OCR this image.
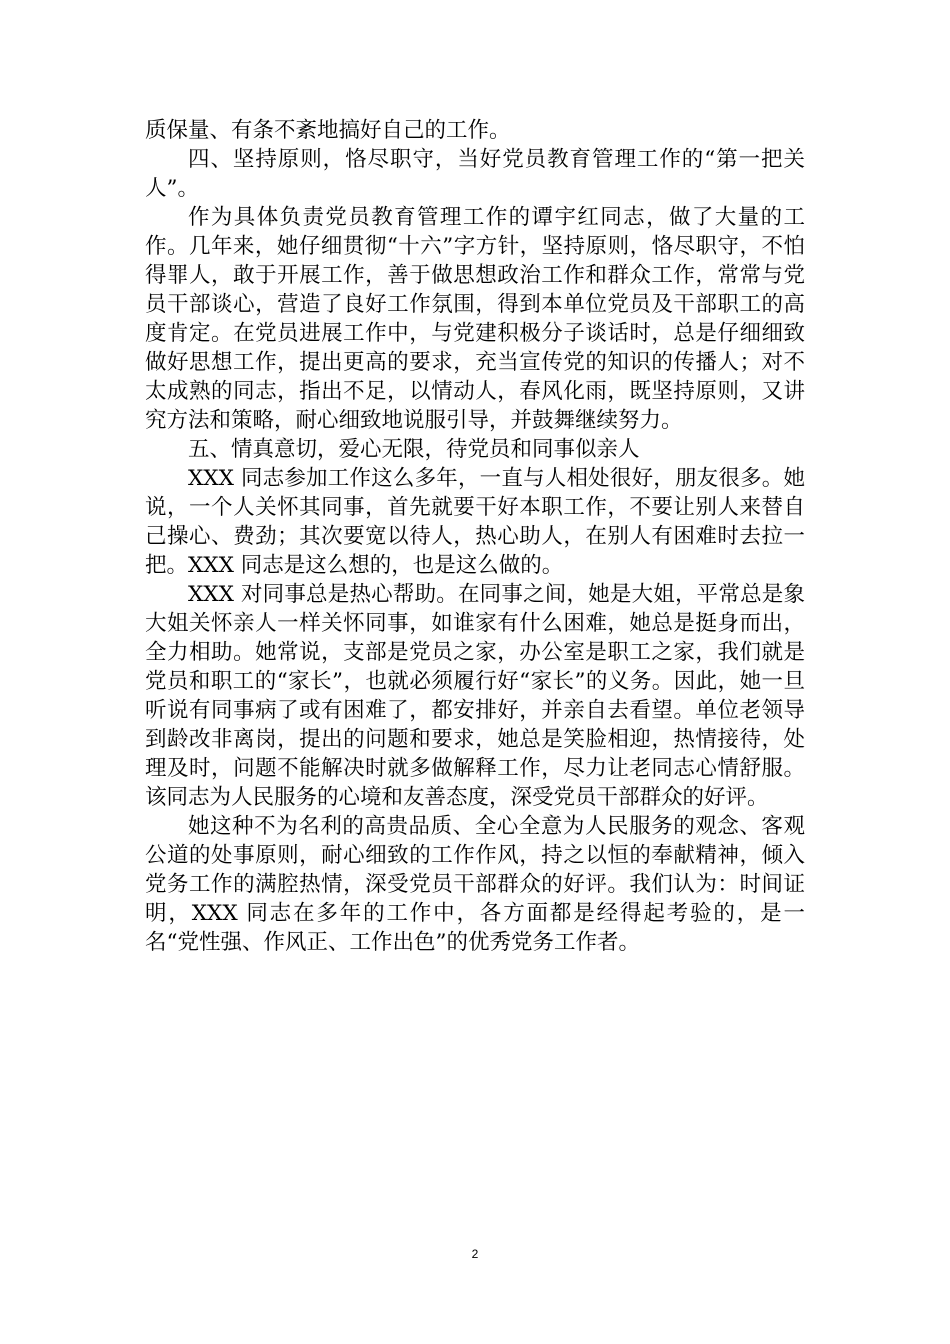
质保量、有条不紊地搞好自己的工作。

四、坚持原则，恪尽职守，当好党员教育管理工作的“第一把关人”。

作为具体负责党员教育管理工作的谭宇红同志，做了大量的工作。几年来，她仔细贯彻“十六”字方针，坚持原则，恪尽职守，不怕得罪人，敢于开展工作，善于做思想政治工作和群众工作，常常与党员干部谈心，营造了良好工作氛围，得到本单位党员及干部职工的高度肯定。在党员进展工作中，与党建积极分子谈话时，总是仔细细致做好思想工作，提出更高的要求，充当宣传党的知识的传播人；对不太成熟的同志，指出不足，以情动人，春风化雨，既坚持原则，又讲究方法和策略，耐心细致地说服引导，并鼓舞继续努力。

五、情真意切，爱心无限，待党员和同事似亲人

XXX 同志参加工作这么多年，一直与人相处很好，朋友很多。她说，一个人关怀其同事，首先就要干好本职工作，不要让别人来替自己操心、费劲；其次要宽以待人，热心助人，在别人有困难时去拉一把。XXX 同志是这么想的，也是这么做的。

XXX 对同事总是热心帮助。在同事之间，她是大姐，平常总是象大姐关怀亲人一样关怀同事，如谁家有什么困难，她总是挺身而出，全力相助。她常说，支部是党员之家，办公室是职工之家，我们就是党员和职工的“家长”，也就必须履行好“家长”的义务。因此，她一旦听说有同事病了或有困难了，都安排好，并亲自去看望。单位老领导到龄改非离岗，提出的问题和要求，她总是笑脸相迎，热情接待，处理及时，问题不能解决时就多做解释工作，尽力让老同志心情舒服。该同志为人民服务的心境和友善态度，深受党员干部群众的好评。

她这种不为名利的高贵品质、全心全意为人民服务的观念、客观公道的处事原则，耐心细致的工作作风，持之以恒的奉献精神，倾入党务工作的满腔热情，深受党员干部群众的好评。我们认为：时间证明，XXX 同志在多年的工作中，各方面都是经得起考验的，是一名“党性强、作风正、工作出色”的优秀党务工作者。

2
